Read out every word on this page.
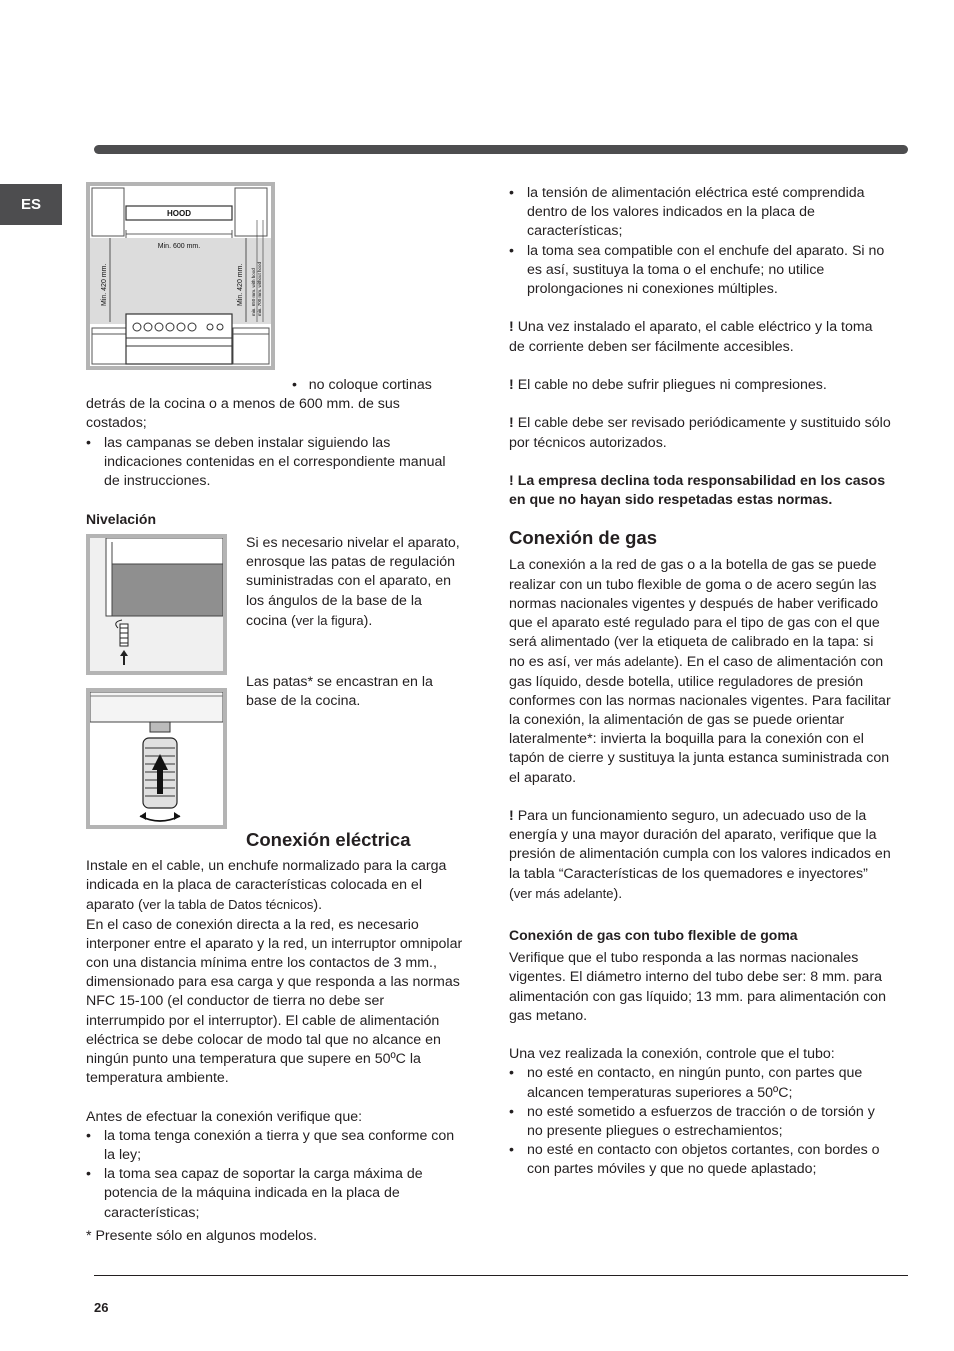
ES
HOOD
Min. 600 mm.
Min. 420 mm.	Min. 420 mm. min. 650 mm. with hood min. 700 mm. without hood

•   no coloque cortinas detrás de la cocina o a menos de 600 mm. de sus costados;

• las campanas se deben instalar siguiendo las indicaciones contenidas en el correspondiente manual de instrucciones.

Nivelación

Si es necesario nivelar el aparato, enrosque las patas de regulación suministradas con el aparato, en los ángulos de la base de la cocina (ver la figura).

Las patas* se encastran en la base de la cocina.

Conexión eléctrica

Instale en el cable, un enchufe normalizado para la carga indicada en la placa de características colocada en el aparato (ver la tabla de Datos técnicos).

En el caso de conexión directa a la red, es necesario interponer entre el aparato y la red, un interruptor omnipolar con una distancia mínima entre los contactos de 3 mm., dimensionado para esa carga y que responda a las normas NFC 15-100 (el conductor de tierra no debe ser interrumpido por el interruptor). El cable de alimentación eléctrica se debe colocar de modo tal que no alcance en ningún punto una temperatura que supere en 50ºC la temperatura ambiente.

Antes de efectuar la conexión verifique que:

• la toma tenga conexión a tierra y que sea conforme con la ley;

• la toma sea capaz de soportar la carga máxima de potencia de la máquina indicada en la placa de características;

* Presente sólo en algunos modelos.

• la tensión de alimentación eléctrica esté comprendida dentro de los valores indicados en la placa de características;

• la toma sea compatible con el enchufe del aparato. Si no es así, sustituya la toma o el enchufe; no utilice prolongaciones ni conexiones múltiples.

! Una vez instalado el aparato, el cable eléctrico y la toma de corriente deben ser fácilmente accesibles.

! El cable no debe sufrir pliegues ni compresiones.

! El cable debe ser revisado periódicamente y sustituido sólo por técnicos autorizados.

! La empresa declina toda responsabilidad en los casos en que no hayan sido respetadas estas normas.

Conexión de gas

La conexión a la red de gas o a la botella de gas se puede realizar con un tubo flexible de goma o de acero según las normas nacionales vigentes y después de haber verificado que el aparato esté regulado para el tipo de gas con el que será alimentado (ver la etiqueta de calibrado en la tapa: si no es así, ver más adelante). En el caso de alimentación con gas líquido, desde botella, utilice reguladores de presión conformes con las normas nacionales vigentes. Para facilitar la conexión, la alimentación de gas se puede orientar lateralmente*: invierta la boquilla para la conexión con el tapón de cierre y sustituya la junta estanca suministrada con el aparato.

! Para un funcionamiento seguro, un adecuado uso de la energía y una mayor duración del aparato, verifique que la presión de alimentación cumpla con los valores indicados en la tabla “Características de los quemadores e inyectores” (ver más adelante).

Conexión de gas con tubo flexible de goma

Verifique que el tubo responda a las normas nacionales vigentes. El diámetro interno del tubo debe ser: 8 mm. para alimentación con gas líquido; 13 mm. para alimentación con gas metano.

Una vez realizada la conexión, controle que el tubo:

• no esté en contacto, en ningún punto, con partes que alcancen temperaturas superiores a 50ºC;

• no esté sometido a esfuerzos de tracción o de torsión y no presente pliegues o estrechamientos;

• no esté en contacto con objetos cortantes, con bordes o con partes móviles y que no quede aplastado;

26
